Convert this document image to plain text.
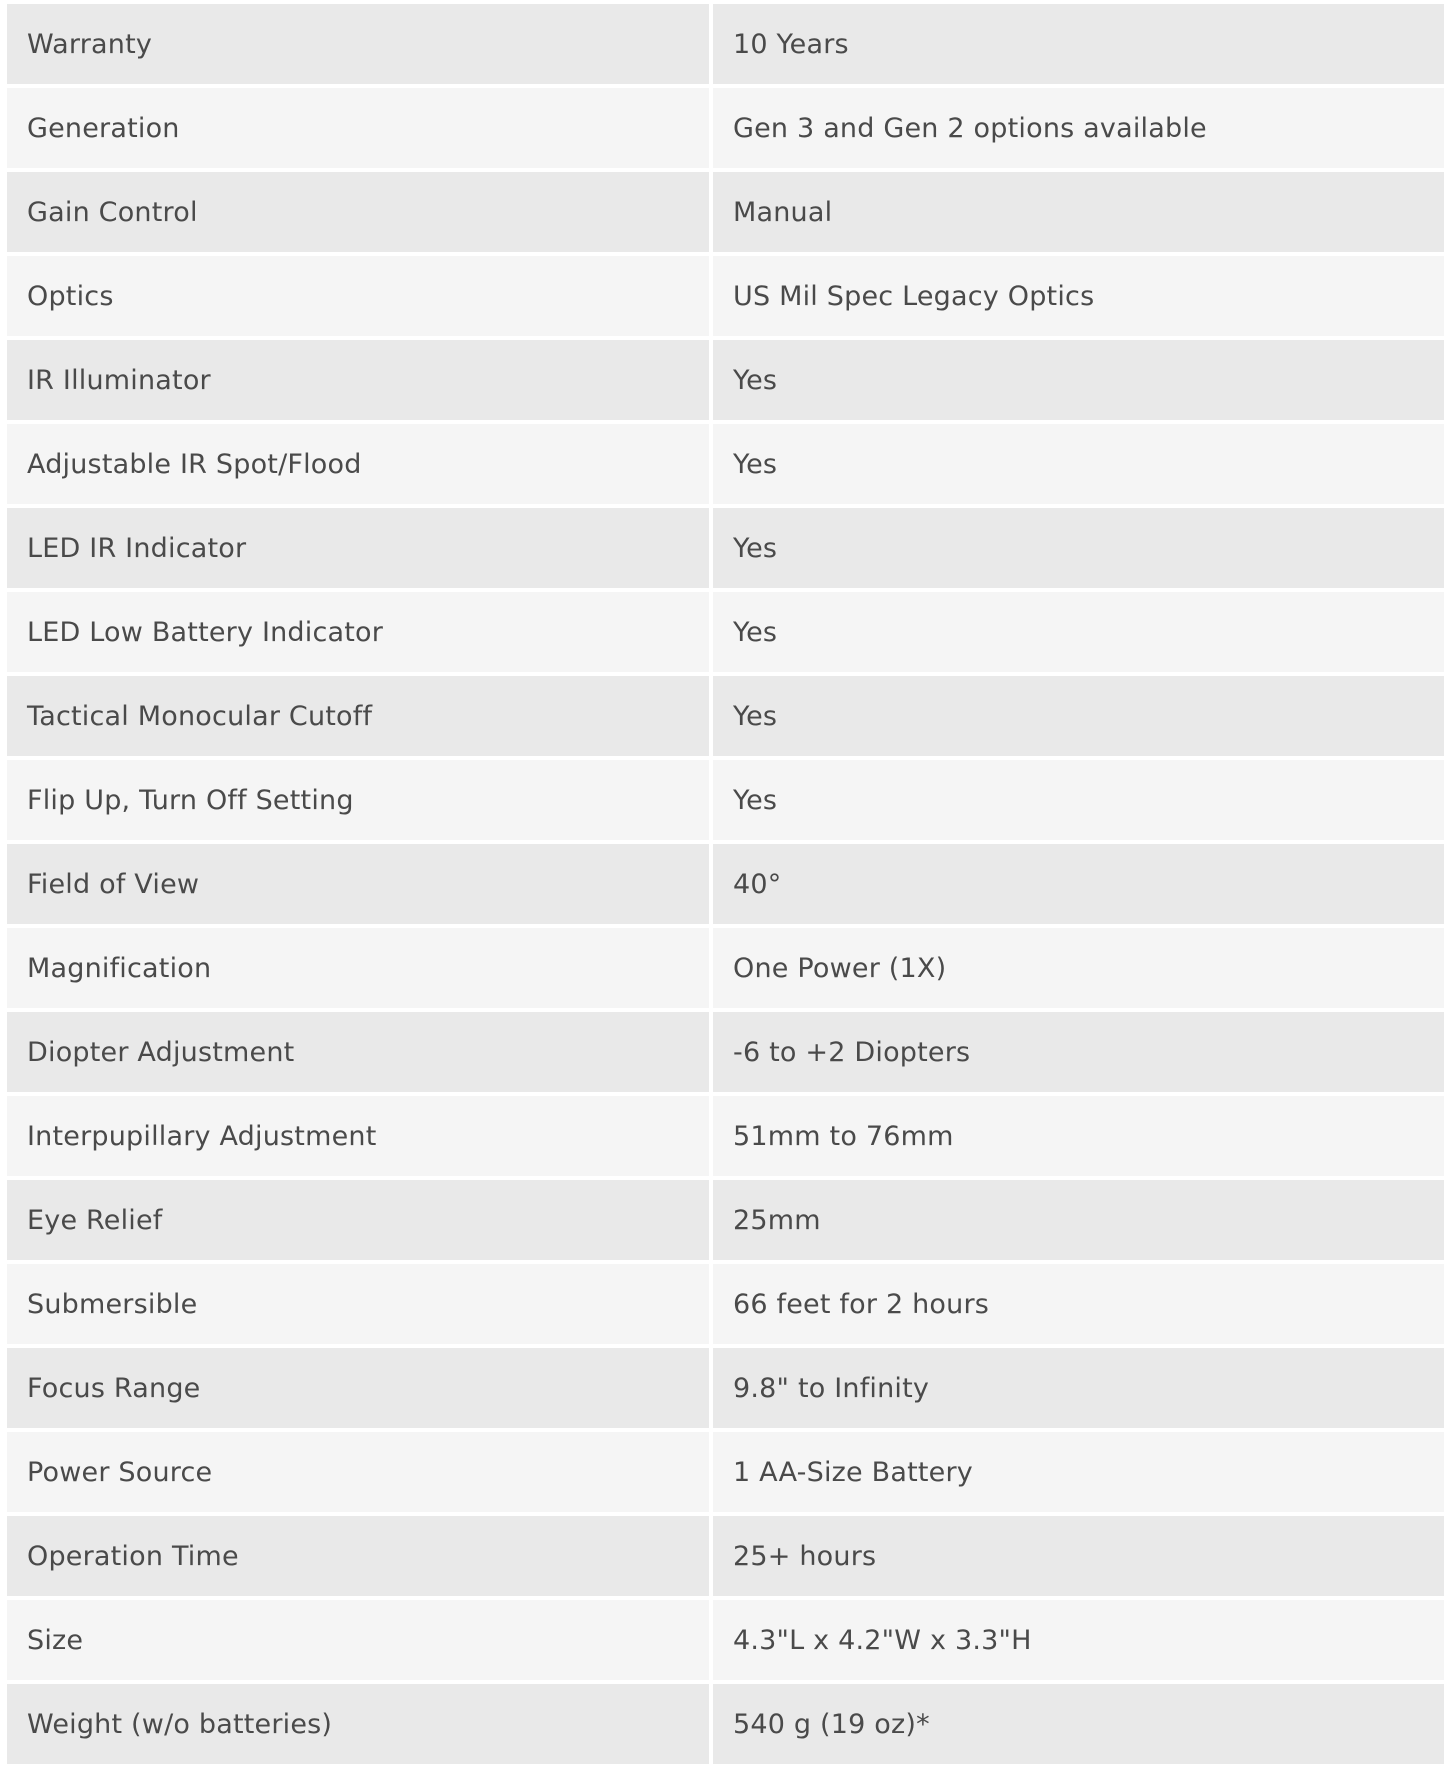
Warranty	10 Years
Generation	Gen 3 and Gen 2 options available
Gain Control	Manual
Optics	US Mil Spec Legacy Optics
IR Illuminator	Yes
Adjustable IR Spot/Flood	Yes
LED IR Indicator	Yes
LED Low Battery Indicator	Yes
Tactical Monocular Cutoff	Yes
Flip Up, Turn Off Setting	Yes
Field of View	40°
Magnification	One Power (1X)
Diopter Adjustment	-6 to +2 Diopters
Interpupillary Adjustment	51mm to 76mm
Eye Relief	25mm
Submersible	66 feet for 2 hours
Focus Range	9.8" to Infinity
Power Source	1 AA-Size Battery
Operation Time	25+ hours
Size	4.3"L x 4.2"W x 3.3"H
Weight (w/o batteries)	540 g (19 oz)*
